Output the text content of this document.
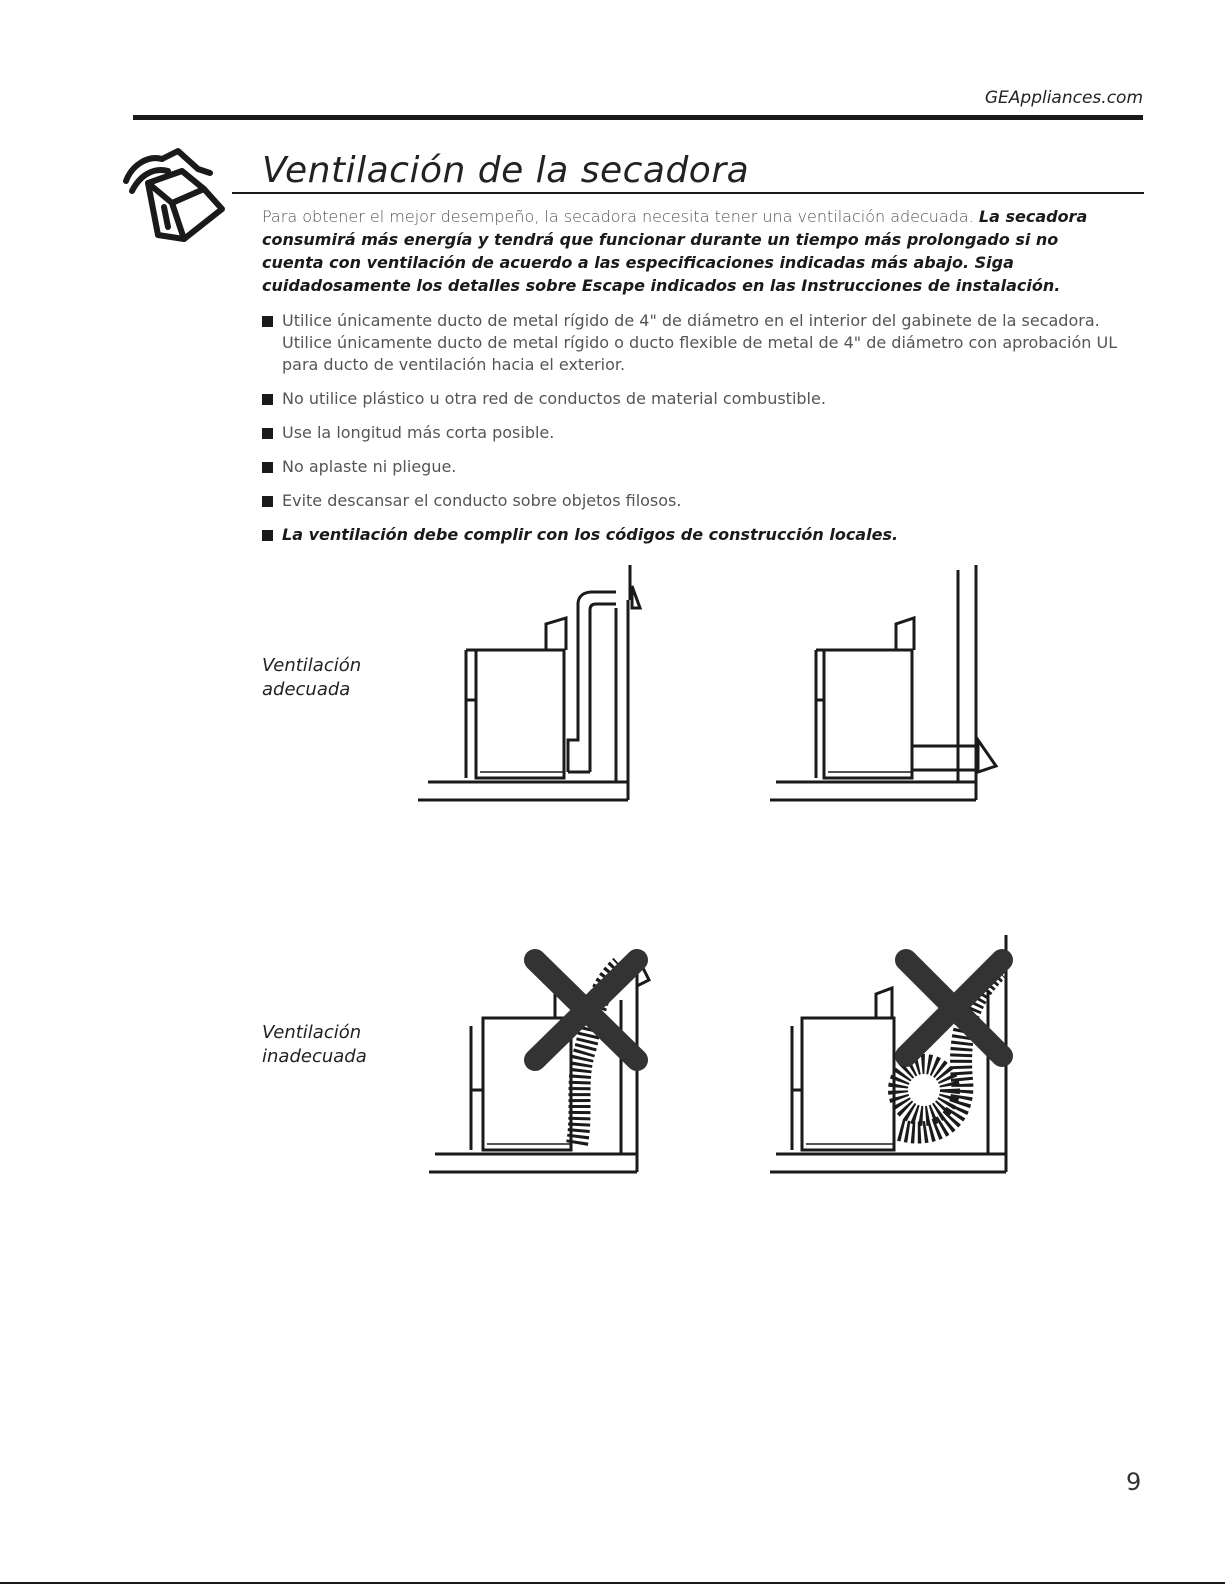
GEAppliances.com
Ventilación de la secadora

Para obtener el mejor desempeño, la secadora necesita tener una ventilación adecuada. La secadora consumirá más energía y tendrá que funcionar durante un tiempo más prolongado si no cuenta con ventilación de acuerdo a las especificaciones indicadas más abajo. Siga cuidadosamente los detalles sobre Escape indicados en las Instrucciones de instalación.

Utilice únicamente ducto de metal rígido de 4" de diámetro en el interior del gabinete de la secadora. Utilice únicamente ducto de metal rígido o ducto flexible de metal de 4" de diámetro con aprobación UL para ducto de ventilación hacia el exterior.
No utilice plástico u otra red de conductos de material combustible.
Use la longitud más corta posible.
No aplaste ni pliegue.
Evite descansar el conducto sobre objetos filosos.
La ventilación debe complir con los códigos de construcción locales.
Ventilación
adecuada
Ventilación
inadecuada
9
